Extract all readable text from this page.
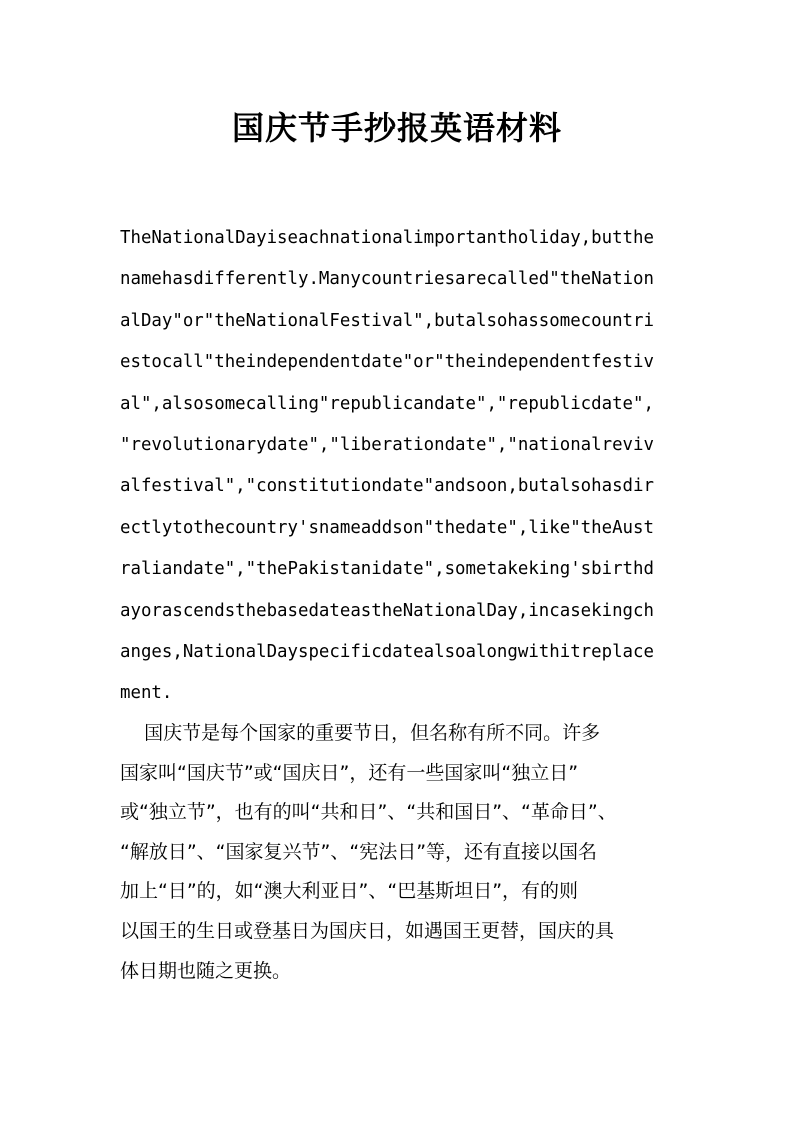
国庆节手抄报英语材料
TheNationalDayiseachnationalimportantholiday,butthe
namehasdifferently.Manycountriesarecalled"theNation
alDay"or"theNationalFestival",butalsohassomecountri
estocall"theindependentdate"or"theindependentfestiv
al",alsosomecalling"republicandate","republicdate",
"revolutionarydate","liberationdate","nationalreviv
alfestival","constitutiondate"andsoon,butalsohasdir
ectlytothecountry'snameaddson"thedate",like"theAust
raliandate","thePakistanidate",sometakeking'sbirthd
ayorascendsthebasedateastheNationalDay,incasekingch
anges,NationalDayspecificdatealsoalongwithitreplace
ment.
国庆节是每个国家的重要节日，但名称有所不同。许多
国家叫“国庆节”或“国庆日”，还有一些国家叫“独立日”
或“独立节”，也有的叫“共和日”、“共和国日”、“革命日”、
“解放日”、“国家复兴节”、“宪法日”等，还有直接以国名
加上“日”的，如“澳大利亚日”、“巴基斯坦日”，有的则
以国王的生日或登基日为国庆日，如遇国王更替，国庆的具
体日期也随之更换。
